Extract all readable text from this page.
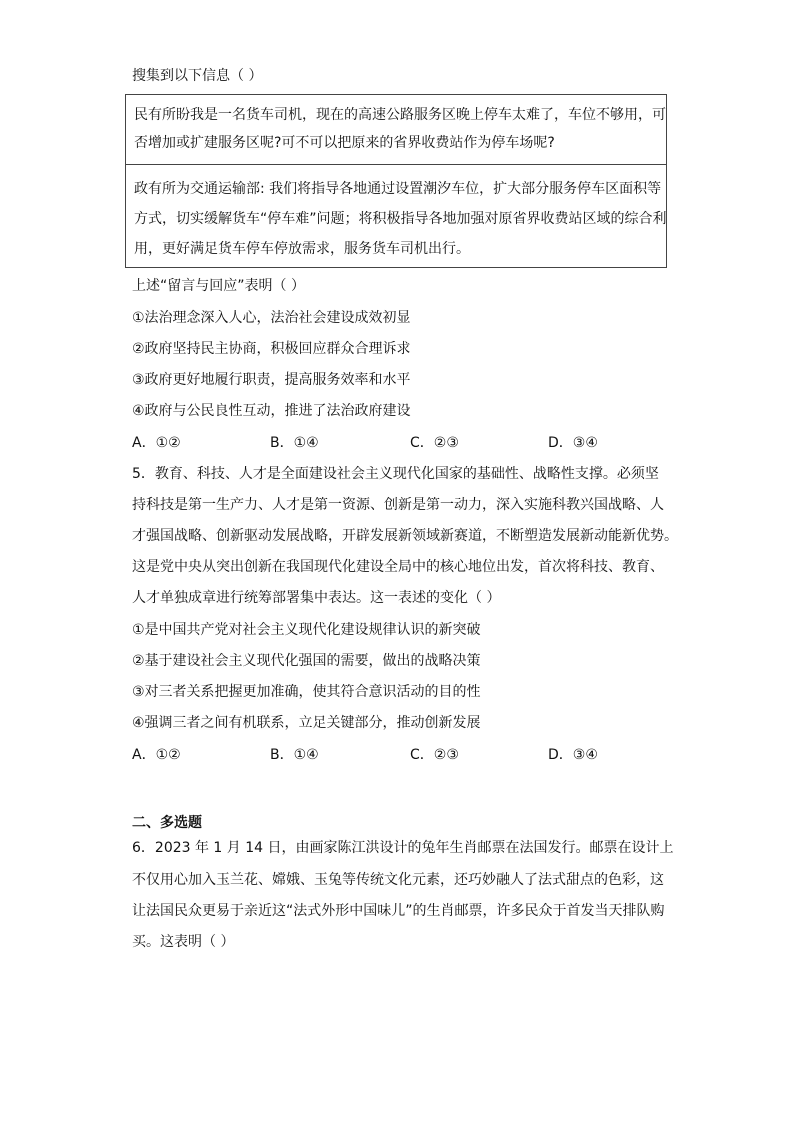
搜集到以下信息（ ）
民有所盼我是一名货车司机，现在的高速公路服务区晚上停车太难了，车位不够用，可
否增加或扩建服务区呢?可不可以把原来的省界收费站作为停车场呢?
政有所为交通运输部: 我们将指导各地通过设置潮汐车位，扩大部分服务停车区面积等
方式，切实缓解货车“停车难”问题；将积极指导各地加强对原省界收费站区域的综合利
用，更好满足货车停车停放需求，服务货车司机出行。
上述“留言与回应”表明（ ）
①法治理念深入人心，法治社会建设成效初显
②政府坚持民主协商，积极回应群众合理诉求
③政府更好地履行职责，提高服务效率和水平
④政府与公民良性互动，推进了法治政府建设
A．①②	B．①④	C．②③	D．③④
5．教育、科技、人才是全面建设社会主义现代化国家的基础性、战略性支撑。必须坚
持科技是第一生产力、人才是第一资源、创新是第一动力，深入实施科教兴国战略、人
才强国战略、创新驱动发展战略，开辟发展新领域新赛道，不断塑造发展新动能新优势。
这是党中央从突出创新在我国现代化建设全局中的核心地位出发，首次将科技、教育、
人才单独成章进行统筹部署集中表达。这一表述的变化（ ）
①是中国共产党对社会主义现代化建设规律认识的新突破
②基于建设社会主义现代化强国的需要，做出的战略决策
③对三者关系把握更加准确，使其符合意识活动的目的性
④强调三者之间有机联系，立足关键部分，推动创新发展
A．①②	B．①④	C．②③	D．③④
二、多选题
6．2023 年 1 月 14 日，由画家陈江洪设计的兔年生肖邮票在法国发行。邮票在设计上
不仅用心加入玉兰花、嫦娥、玉兔等传统文化元素，还巧妙融人了法式甜点的色彩，这
让法国民众更易于亲近这“法式外形中国味儿”的生肖邮票，许多民众于首发当天排队购
买。这表明（ ）
